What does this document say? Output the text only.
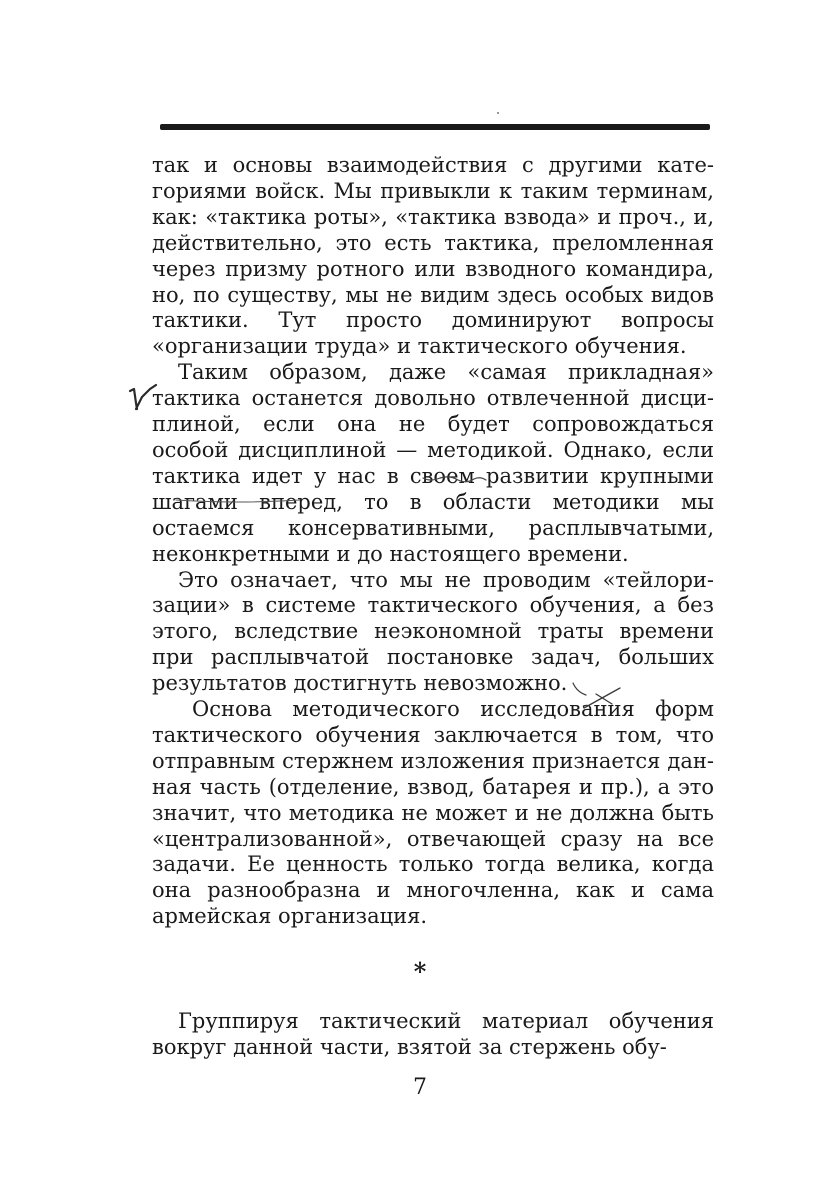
так и основы взаимодействия с другими категориями войск. Мы привыкли к таким терминам, как: «тактика роты», «тактика взвода» и проч., и, действительно, это есть тактика, преломленная через призму ротного или взводного командира, но, по существу, мы не видим здесь особых видов тактики. Тут просто доминируют вопросы «организации труда» и тактического обучения.

Таким образом, даже «самая прикладная» тактика останется довольно отвлеченной дисциплиной, если она не будет сопровождаться особой дисциплиной — методикой. Однако, если тактика идет у нас в своем развитии крупными шагами вперед, то в области методики мы остаемся консервативными, расплывчатыми, неконкретными и до настоящего времени.

Это означает, что мы не проводим «тейлоризации» в системе тактического обучения, а без этого, вследствие неэкономной траты времени при расплывчатой постановке задач, больших результатов достигнуть невозможно.

Основа методического исследования форм тактического обучения заключается в том, что отправным стержнем изложения признается данная часть (отделение, взвод, батарея и пр.), а это значит, что методика не может и не должна быть «централизованной», отвечающей сразу на все задачи. Ее ценность только тогда велика, когда она разнообразна и многочленна, как и сама армейская организация.

*

Группируя тактический материал обучения вокруг данной части, взятой за стержень обу-

7
